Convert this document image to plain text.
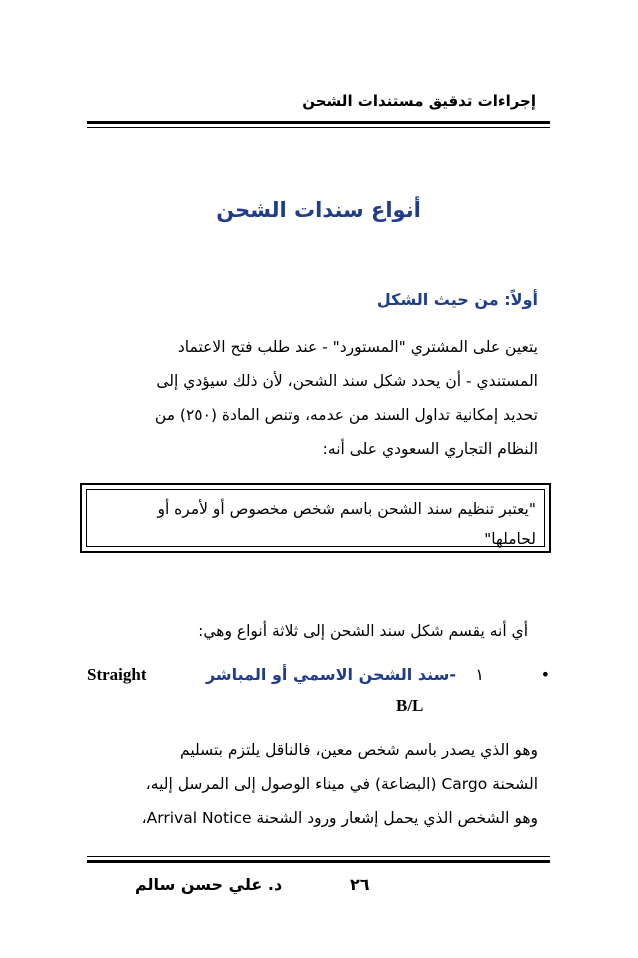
إجراءات تدقيق مستندات الشحن
أنواع سندات الشحن
أولاً: من حيث الشكل

يتعين على المشتري "المستورد" - عند طلب فتح الاعتماد

المستندي - أن يحدد شكل سند الشحن، لأن ذلك سيؤدي إلى

تحديد إمكانية تداول السند من عدمه، وتنص المادة (٢٥٠) من

النظام التجاري السعودي على أنه:

"يعتبر تنظيم سند الشحن باسم شخص مخصوص أو لأمره أو

لحاملها"

أي أنه يقسم شكل سند الشحن إلى ثلاثة أنواع وهي:
•
١
-سند الشحن الاسمي أو المباشر
Straight
B/L

وهو الذي يصدر باسم شخص معين، فالناقل يلتزم بتسليم

الشحنة Cargo (البضاعة) في ميناء الوصول إلى المرسل إليه،

وهو الشخص الذي يحمل إشعار ورود الشحنة Arrival Notice،

٢٦
د. علي حسن سالم
